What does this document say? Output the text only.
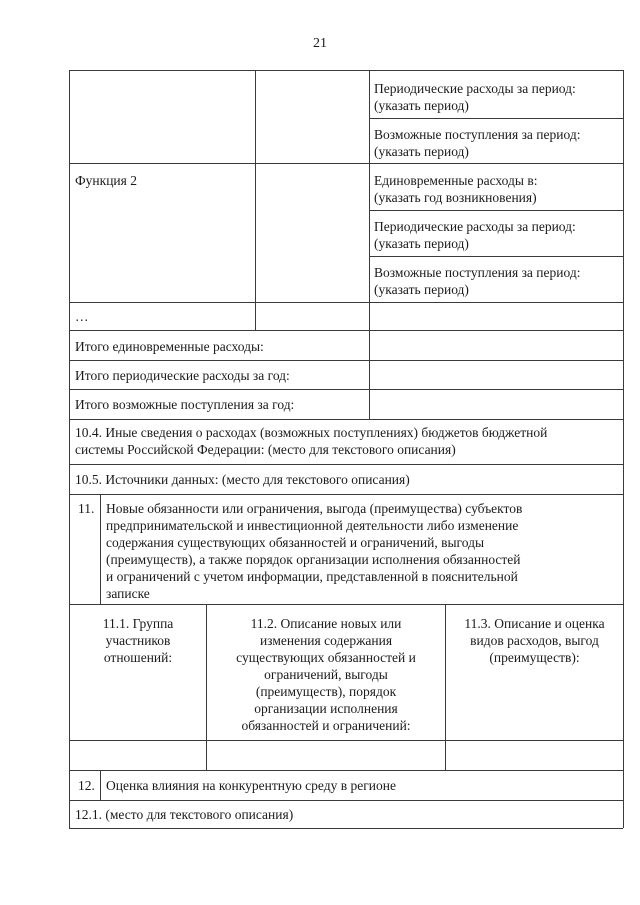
21
Периодические расходы за период:
(указать период)
Возможные поступления за период:
(указать период)
Функция 2	Единовременные расходы в:
(указать год возникновения)
Периодические расходы за период:
(указать период)
Возможные поступления за период:
(указать период)
…
Итого единовременные расходы:
Итого периодические расходы за год:
Итого возможные поступления за год:
10.4. Иные сведения о расходах (возможных поступлениях) бюджетов бюджетной
системы Российской Федерации: (место для текстового описания)
10.5. Источники данных: (место для текстового описания)
11. Новые обязанности или ограничения, выгода (преимущества) субъектов
предпринимательской и инвестиционной деятельности либо изменение
содержания существующих обязанностей и ограничений, выгоды
(преимуществ), а также порядок организации исполнения обязанностей
и ограничений с учетом информации, представленной в пояснительной
записке
11.1. Группа
участников
отношений:
11.2. Описание новых или
изменения содержания
существующих обязанностей и
ограничений, выгоды
(преимуществ), порядок
организации исполнения
обязанностей и ограничений:
11.3. Описание и оценка
видов расходов, выгод
(преимуществ):
12. Оценка влияния на конкурентную среду в регионе
12.1. (место для текстового описания)
